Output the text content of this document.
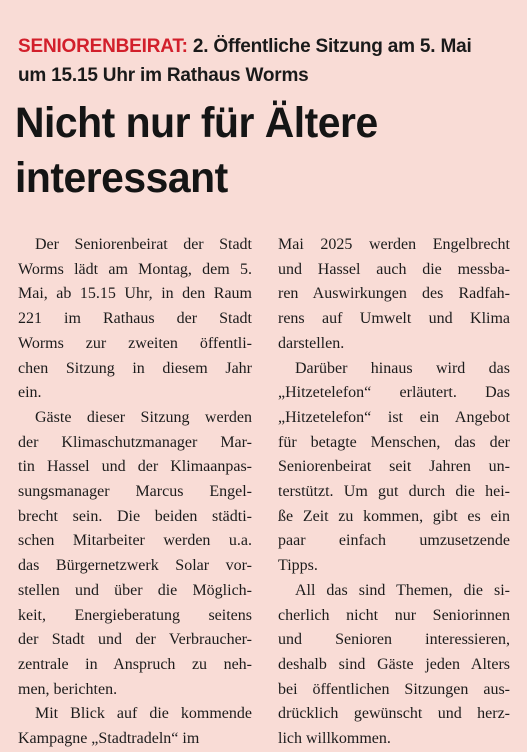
SENIORENBEIRAT: 2. Öffentliche Sitzung am 5. Mai
um 15.15 Uhr im Rathaus Worms
Nicht nur für Ältere
interessant

Der Seniorenbeirat der Stadt
Worms lädt am Montag, dem 5.
Mai, ab 15.15 Uhr, in den Raum
221 im Rathaus der Stadt
Worms zur zweiten öffentli-
chen Sitzung in diesem Jahr
ein.

Gäste dieser Sitzung werden
der Klimaschutzmanager Mar-
tin Hassel und der Klimaanpas-
sungsmanager Marcus Engel-
brecht sein. Die beiden städti-
schen Mitarbeiter werden u.a.
das Bürgernetzwerk Solar vor-
stellen und über die Möglich-
keit, Energieberatung seitens
der Stadt und der Verbraucher-
zentrale in Anspruch zu neh-
men, berichten.

Mit Blick auf die kommende
Kampagne „Stadtradeln“ im

Mai 2025 werden Engelbrecht
und Hassel auch die messba-
ren Auswirkungen des Radfah-
rens auf Umwelt und Klima
darstellen.

Darüber hinaus wird das
„Hitzetelefon“ erläutert. Das
„Hitzetelefon“ ist ein Angebot
für betagte Menschen, das der
Seniorenbeirat seit Jahren un-
terstützt. Um gut durch die hei-
ße Zeit zu kommen, gibt es ein
paar einfach umzusetzende
Tipps.

All das sind Themen, die si-
cherlich nicht nur Seniorinnen
und Senioren interessieren,
deshalb sind Gäste jeden Alters
bei öffentlichen Sitzungen aus-
drücklich gewünscht und herz-
lich willkommen.
